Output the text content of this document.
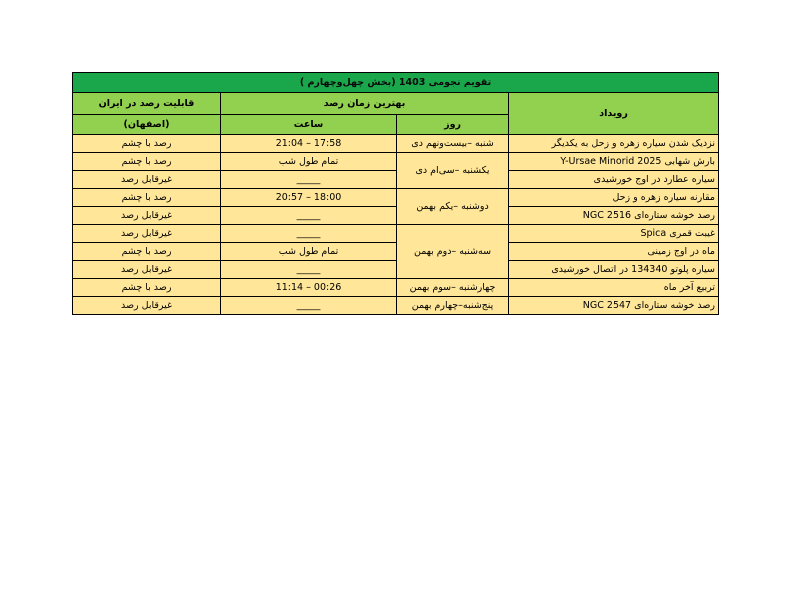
تقویم نجومی 1403 (بخش چهل‌وچهارم )			
رویداد	بهترین زمان رصد		قابلیت رصد در ایران
	روز	ساعت	(اصفهان)
نزدیک شدن سیاره زهره و زحل به یکدیگر	شنبه –بیست‌ونهم دی	17:58 – 21:04	رصد با چشم
بارش شهابی Y-Ursae Minorid 2025	یکشنبه –سی‌ام دی	تمام طول شب	رصد با چشم
سیاره عطارد در اوج خورشیدی		_____	غیرقابل رصد
مقارنه سیاره زهره و زحل	دوشنبه –یکم بهمن	18:00 – 20:57	رصد با چشم
رصد خوشه ستاره‌ای NGC 2516		_____	غیرقابل رصد
غیبت قمری Spica	سه‌شنبه –دوم بهمن	_____	غیرقابل رصد
ماه در اوج زمینی		تمام طول شب	رصد با چشم
سیاره پلوتو 134340 در اتصال خورشیدی		_____	غیرقابل رصد
تربیع آخر ماه	چهارشنبه –سوم بهمن	00:26 – 11:14	رصد با چشم
رصد خوشه ستاره‌ای NGC 2547	پنج‌شنبه–چهارم بهمن	_____	غیرقابل رصد
